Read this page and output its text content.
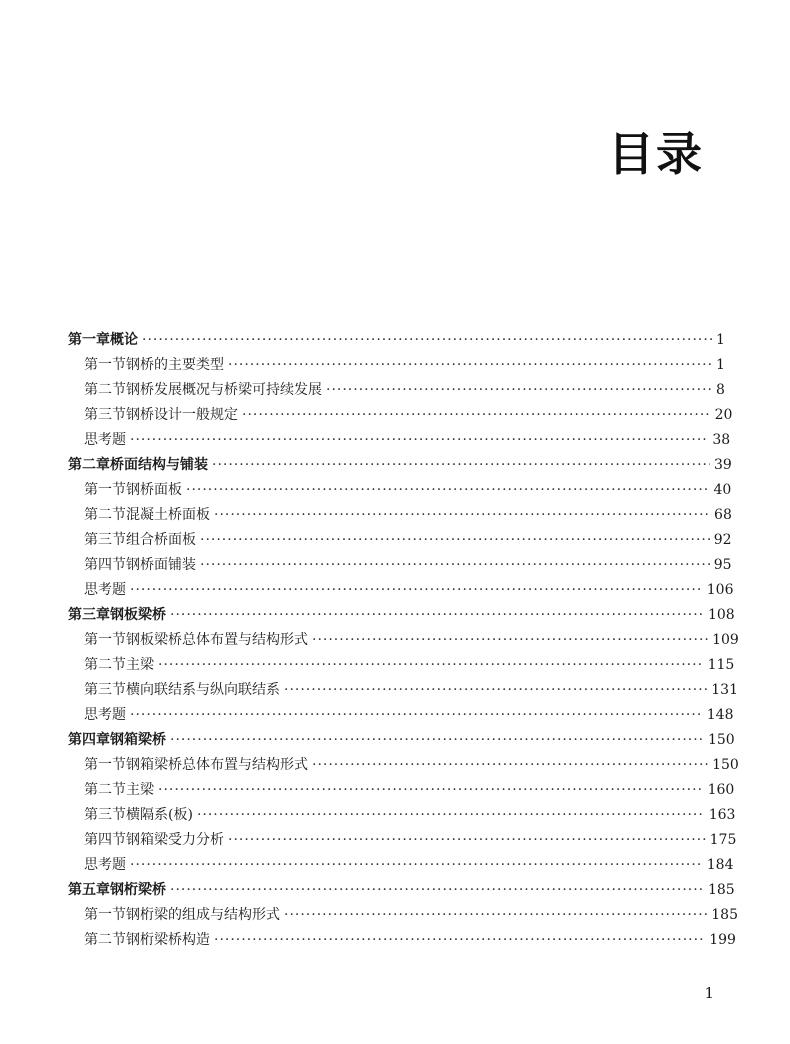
目录
第一章 概论 ·····	1
第一节 钢桥的主要类型 ·····	1
第二节 钢桥发展概况与桥梁可持续发展 ·····	8
第三节 钢桥设计一般规定 ·····	20
思考题 ·····	38
第二章 桥面结构与铺装 ·····	39
第一节 钢桥面板 ·····	40
第二节 混凝土桥面板 ·····	68
第三节 组合桥面板 ·····	92
第四节 钢桥面铺装 ·····	95
思考题 ·····	106
第三章 钢板梁桥 ·····	108
第一节 钢板梁桥总体布置与结构形式 ·····	109
第二节 主梁 ·····	115
第三节 横向联结系与纵向联结系 ·····	131
思考题 ·····	148
第四章 钢箱梁桥 ·····	150
第一节 钢箱梁桥总体布置与结构形式 ·····	150
第二节 主梁 ·····	160
第三节 横隔系(板) ·····	163
第四节 钢箱梁受力分析 ·····	175
思考题 ·····	184
第五章 钢桁梁桥 ·····	185
第一节 钢桁梁的组成与结构形式 ·····	185
第二节 钢桁梁桥构造 ·····	199

1
